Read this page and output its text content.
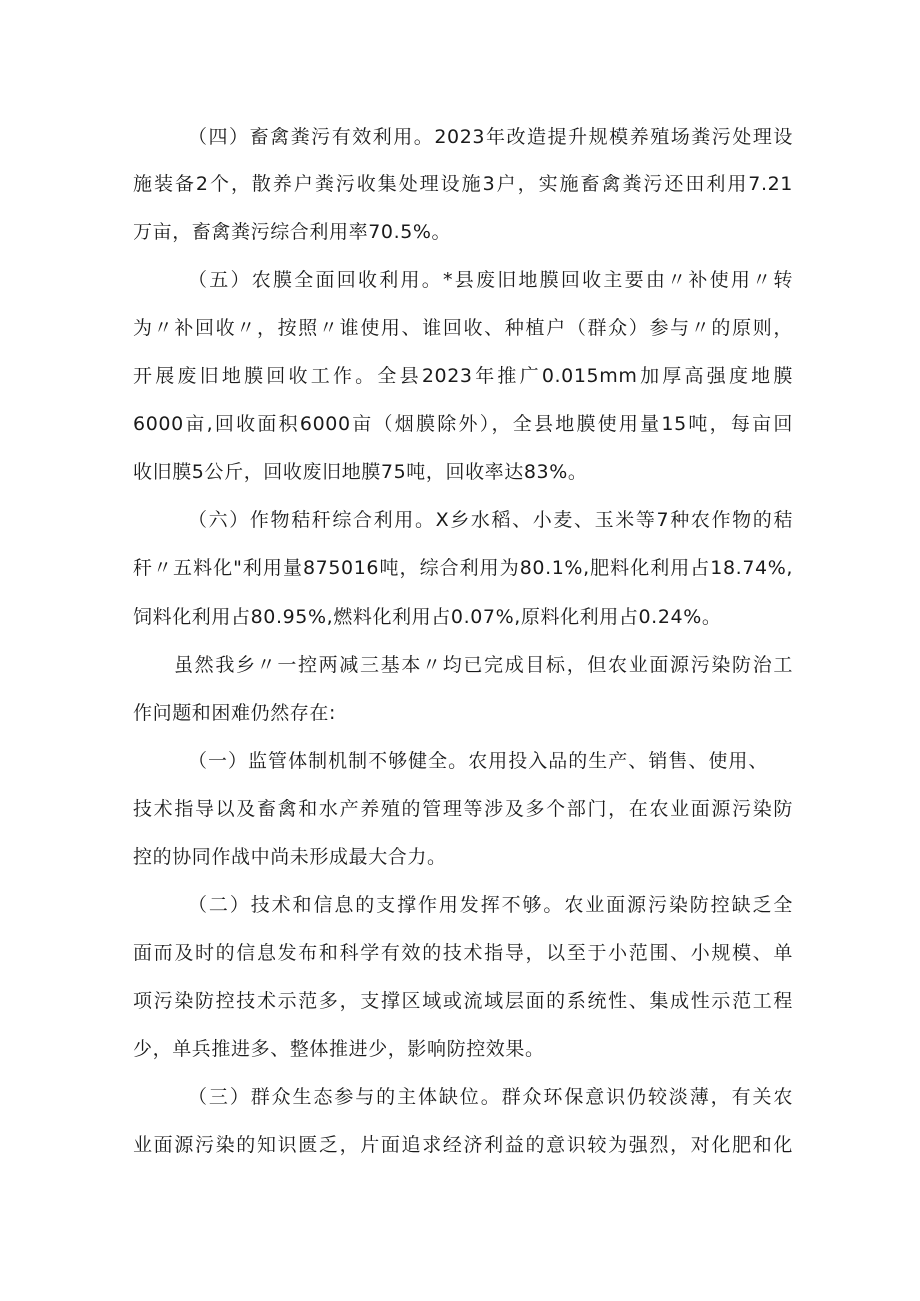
（四）畜禽粪污有效利用。2023年改造提升规模养殖场粪污处理设
施装备2个，散养户粪污收集处理设施3户，实施畜禽粪污还田利用7.21
万亩，畜禽粪污综合利用率70.5%。
（五）农膜全面回收利用。*县废旧地膜回收主要由〃补使用〃转
为〃补回收〃，按照〃谁使用、谁回收、种植户（群众）参与〃的原则，
开展废旧地膜回收工作。全县2023年推广0.015mm加厚高强度地膜
6000亩,回收面积6000亩（烟膜除外），全县地膜使用量15吨，每亩回
收旧膜5公斤，回收废旧地膜75吨，回收率达83%。
（六）作物秸秆综合利用。X乡水稻、小麦、玉米等7种农作物的秸
秆〃五料化"利用量875016吨，综合利用为80.1%,肥料化利用占18.74%,
饲料化利用占80.95%,燃料化利用占0.07%,原料化利用占0.24%。
虽然我乡〃一控两减三基本〃均已完成目标，但农业面源污染防治工
作问题和困难仍然存在:
（一）监管体制机制不够健全。农用投入品的生产、销售、使用、
技术指导以及畜禽和水产养殖的管理等涉及多个部门，在农业面源污染防
控的协同作战中尚未形成最大合力。
（二）技术和信息的支撑作用发挥不够。农业面源污染防控缺乏全
面而及时的信息发布和科学有效的技术指导，以至于小范围、小规模、单
项污染防控技术示范多，支撑区域或流域层面的系统性、集成性示范工程
少，单兵推进多、整体推进少，影响防控效果。
（三）群众生态参与的主体缺位。群众环保意识仍较淡薄，有关农
业面源污染的知识匮乏，片面追求经济利益的意识较为强烈，对化肥和化
